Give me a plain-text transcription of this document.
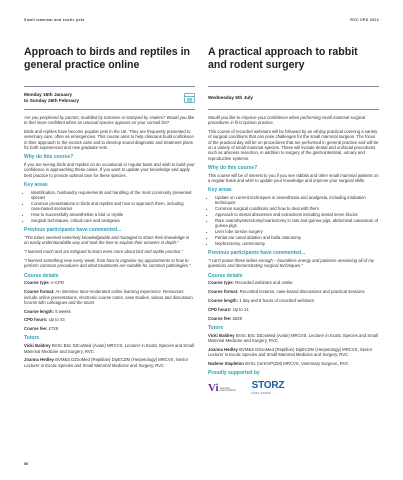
Small mammal and exotic pets	RVC CPD 2022
Approach to birds and reptiles in general practice online
Monday 16th January
to Sunday 26th February

Are you perplexed by parrots, muddled by tortoises or stumped by snakes? Would you like to feel more confident when an unusual species appears on your consult list?

Birds and reptiles have become popular pets in the UK. They are frequently presented to veterinary care, often as emergencies. This course aims to help clinicians build confidence in their approach to the exotics case and to develop sound diagnostic and treatment plans for both experienced and new graduate vets.

Why do this course?

If you are seeing birds and reptiles on an occasional or regular basis and wish to build your confidence in approaching these cases. If you want to update your knowledge and apply best practice to provide optimal care for these species.

Key areas
• Identification, husbandry requirements and handling of the most commonly presented species
• Common presentations in birds and reptiles and how to approach them, including case-based scenarios
• How to successfully anaesthetise a bird or reptile
• Surgical techniques, critical care and analgesia
Previous participants have commented...

"The tutors seemed extremely knowledgeable and managed to share their knowledge in an easily understandable way and took the time to explain their answers in depth."

"I learned much and am intrigued to learn even more about bird and reptile practice."

"I learned something new every week, from how to organise my appointments to how to perform common procedures and what treatments are suitable for common pathologies."

Course details

Course type: e-CPD

Course format: An intensive tutor-moderated online learning experience. Resources include online presentations, electronic course notes, case studies, videos and discussion forums with colleagues and the tutors

Course length: 6 weeks

CPD hours: Up to 43

Course fee: £729

Tutors

Vicki Baldrey BVSc BSc DZooMed (Avian) MRCVS, Lecturer in Exotic Species and Small Mammal Medicine and Surgery, RVC

Joanna Hedley BVM&S DZooMed (Reptilian) DipECZM (Herpetology) MRCVS, Senior Lecturer in Exotic Species and Small Mammal Medicine and Surgery, RVC

A practical approach to rabbit and rodent surgery
Wednesday 5th July

Would you like to improve your confidence when performing small mammal surgical procedures in first opinion practice.

This course of recorded webinars will be followed by an all-day practical covering a variety of surgical conditions that can pose challenges for the small mammal surgeon. The focus of the practical day will be on procedures that are performed in general practice and will be on a variety of small mammal species. These will include dental and orofacial procedures such as abscess resection, in addition to surgery of the gastrointestinal, urinary and reproductive systems.

Why do this course?

This course will be of interest to you if you see rabbits and other small mammal patients on a regular basis and wish to update your knowledge and improve your surgical skills.

Key areas
• Update on current techniques in anaesthesia and analgesia, including intubation techniques
• Common surgical conditions and how to deal with them
• Approach to dental abscesses and extractions including dental nerve blocks
• Rare ovariohysterectomy/ovariectomy in rats and guinea pigs, abdominal caesarean of guinea pigs
• Liver lobe torsion surgery
• Partial ear canal ablation and bulla osteotomy
• Nephrectomy, ureterotomy
Previous participants have commented...

"I can't praise these ladies enough – boundless energy and patience answering all of my questions and demonstrating surgical techniques."

Course details

Course type: Recorded webinars and onsite

Course format: Recorded lectures, case-based discussions and practical sessions

Course length: 1 day and 8 hours of recorded webinars

CPD hours: Up to 14

Course fee: £849

Tutors

Vicki Baldrey BVSc BSc DZooMed (Avian) MRCVS, Lecturer in Exotic Species and Small Mammal Medicine and Surgery, RVC

Joanna Hedley BVM&S DZooMed (Reptilian) DipECZM (Herpetology) MRCVS, Senior Lecturer in Exotic Species and Small Mammal Medicine and Surgery, RVC

Nadene Stapleton BVSc CertAVP(ZM) MRCVS, Veterinary Surgeon, RVC

Proudly supported by
Vi Veterinary Instrumentation
STORZ
KARL STORZ
56
